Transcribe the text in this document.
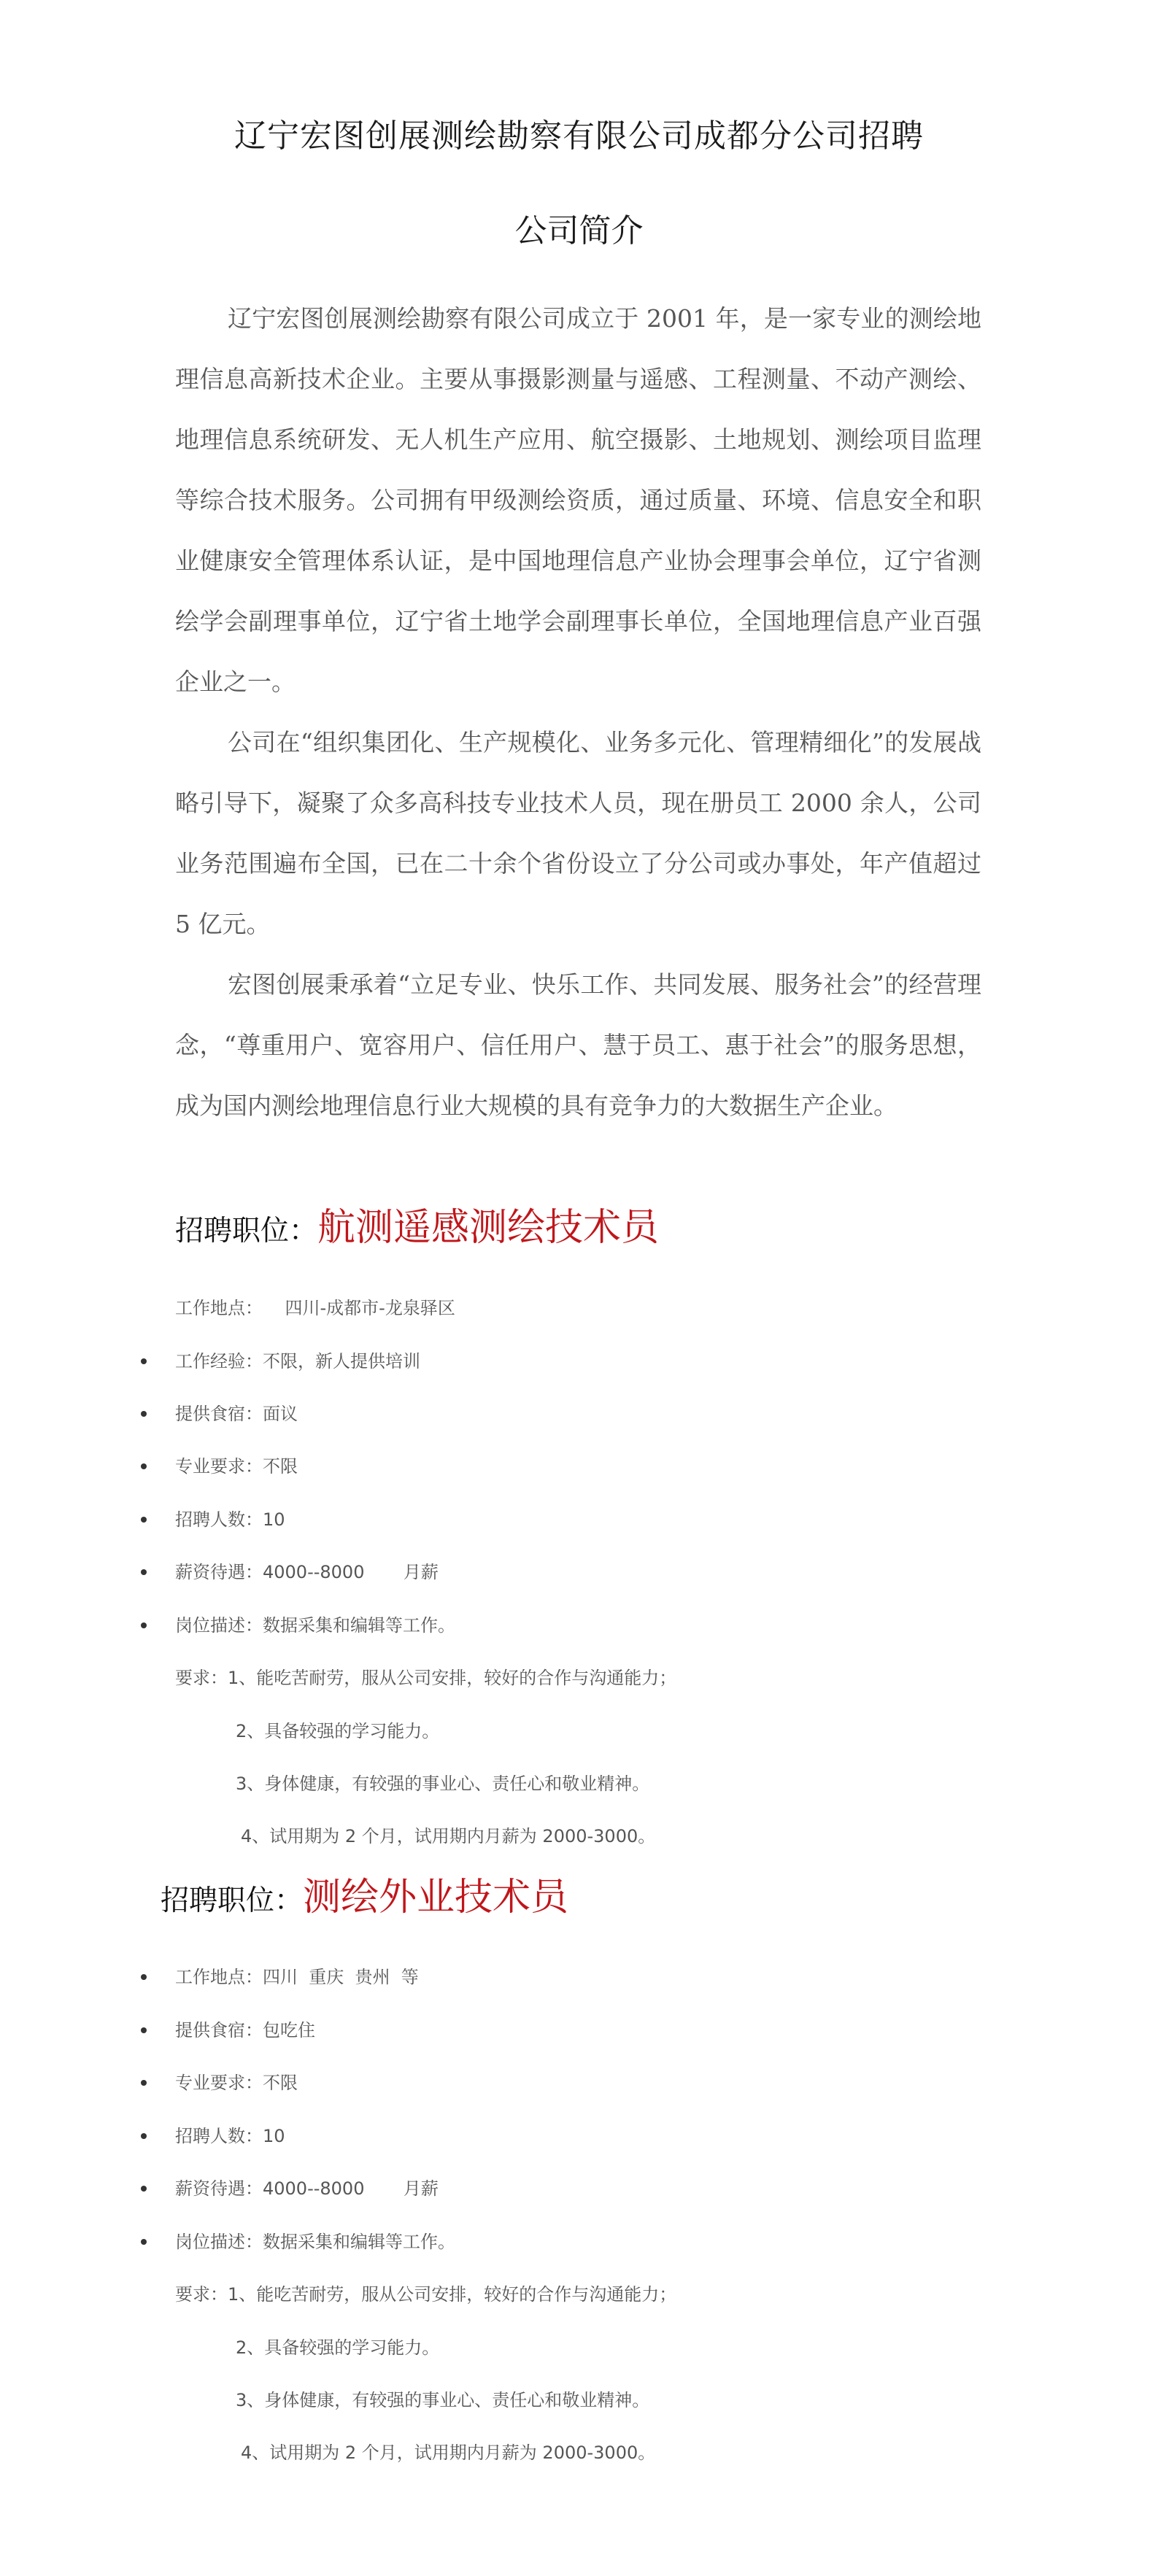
辽宁宏图创展测绘勘察有限公司成都分公司招聘
公司简介

辽宁宏图创展测绘勘察有限公司成立于 2001 年，是一家专业的测绘地理信息高新技术企业。主要从事摄影测量与遥感、工程测量、不动产测绘、地理信息系统研发、无人机生产应用、航空摄影、土地规划、测绘项目监理等综合技术服务。公司拥有甲级测绘资质，通过质量、环境、信息安全和职业健康安全管理体系认证，是中国地理信息产业协会理事会单位，辽宁省测绘学会副理事单位，辽宁省土地学会副理事长单位，全国地理信息产业百强企业之一。

公司在“组织集团化、生产规模化、业务多元化、管理精细化”的发展战略引导下，凝聚了众多高科技专业技术人员，现在册员工 2000 余人，公司业务范围遍布全国，已在二十余个省份设立了分公司或办事处，年产值超过 5 亿元。

宏图创展秉承着“立足专业、快乐工作、共同发展、服务社会”的经营理念，“尊重用户、宽容用户、信任用户、慧于员工、惠于社会”的服务思想，成为国内测绘地理信息行业大规模的具有竞争力的大数据生产企业。

招聘职位：航测遥感测绘技术员
工作地点：    四川-成都市-龙泉驿区
工作经验：不限，新人提供培训
提供食宿：面议
专业要求：不限
招聘人数：10
薪资待遇：4000--8000       月薪
岗位描述：数据采集和编辑等工作。
要求：1、能吃苦耐劳，服从公司安排，较好的合作与沟通能力；
2、具备较强的学习能力。
3、身体健康，有较强的事业心、责任心和敬业精神。
4、试用期为 2 个月，试用期内月薪为 2000-3000。
招聘职位：测绘外业技术员
工作地点：四川  重庆  贵州  等
提供食宿：包吃住
专业要求：不限
招聘人数：10
薪资待遇：4000--8000       月薪
岗位描述：数据采集和编辑等工作。
要求：1、能吃苦耐劳，服从公司安排，较好的合作与沟通能力；
2、具备较强的学习能力。
3、身体健康，有较强的事业心、责任心和敬业精神。
4、试用期为 2 个月，试用期内月薪为 2000-3000。
